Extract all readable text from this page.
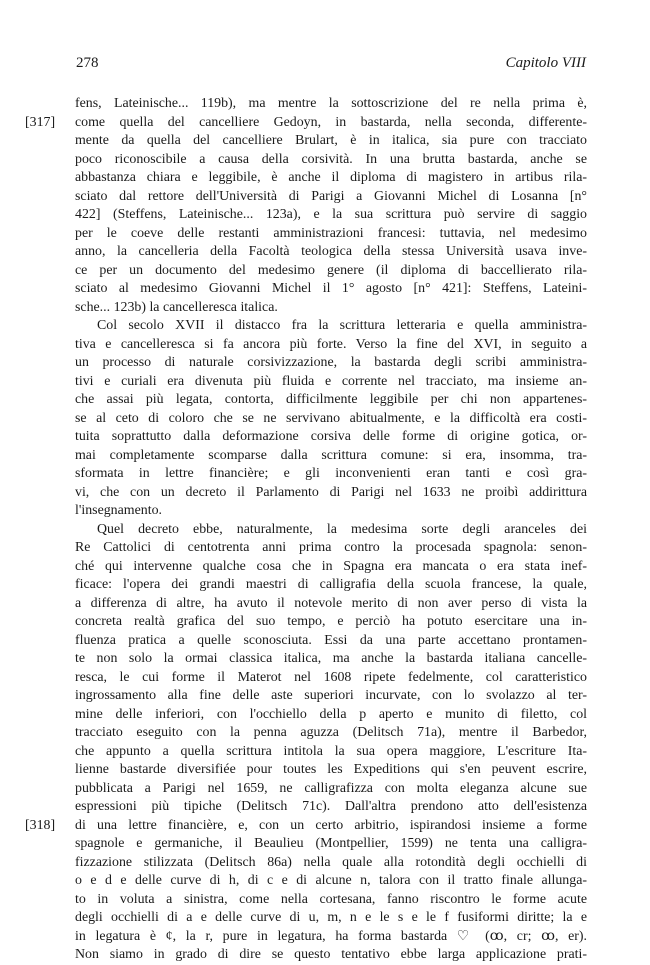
278	Capitolo VIII
fens, Lateinische... 119b), ma mentre la sottoscrizione del re nella prima è,
[317] come quella del cancelliere Gedoyn, in bastarda, nella seconda, differente-
mente da quella del cancelliere Brulart, è in italica, sia pure con tracciato
poco riconoscibile a causa della corsività. In una brutta bastarda, anche se
abbastanza chiara e leggibile, è anche il diploma di magistero in artibus rila-
sciato dal rettore dell'Università di Parigi a Giovanni Michel di Losanna [n°
422] (Steffens, Lateinische... 123a), e la sua scrittura può servire di saggio
per le coeve delle restanti amministrazioni francesi: tuttavia, nel medesimo
anno, la cancelleria della Facoltà teologica della stessa Università usava inve-
ce per un documento del medesimo genere (il diploma di baccellierato rila-
sciato al medesimo Giovanni Michel il 1° agosto [n° 421]: Steffens, Lateini-
sche... 123b) la cancelleresca italica.
Col secolo XVII il distacco fra la scrittura letteraria e quella amministra-
tiva e cancelleresca si fa ancora più forte. Verso la fine del XVI, in seguito a
un processo di naturale corsivizzazione, la bastarda degli scribi amministra-
tivi e curiali era divenuta più fluida e corrente nel tracciato, ma insieme an-
che assai più legata, contorta, difficilmente leggibile per chi non appartenes-
se al ceto di coloro che se ne servivano abitualmente, e la difficoltà era costi-
tuita soprattutto dalla deformazione corsiva delle forme di origine gotica, or-
mai completamente scomparse dalla scrittura comune: si era, insomma, tra-
sformata in lettre financière; e gli inconvenienti eran tanti e così gra-
vi, che con un decreto il Parlamento di Parigi nel 1633 ne proibì addirittura
l'insegnamento.
Quel decreto ebbe, naturalmente, la medesima sorte degli aranceles dei
Re Cattolici di centotrenta anni prima contro la procesada spagnola: senon-
ché qui intervenne qualche cosa che in Spagna era mancata o era stata inef-
ficace: l'opera dei grandi maestri di calligrafia della scuola francese, la quale,
a differenza di altre, ha avuto il notevole merito di non aver perso di vista la
concreta realtà grafica del suo tempo, e perciò ha potuto esercitare una in-
fluenza pratica a quelle sconosciuta. Essi da una parte accettano prontamen-
te non solo la ormai classica italica, ma anche la bastarda italiana cancelle-
resca, le cui forme il Materot nel 1608 ripete fedelmente, col caratteristico
ingrossamento alla fine delle aste superiori incurvate, con lo svolazzo al ter-
mine delle inferiori, con l'occhiello della p aperto e munito di filetto, col
tracciato eseguito con la penna aguzza (Delitsch 71a), mentre il Barbedor,
che appunto a quella scrittura intitola la sua opera maggiore, L'escriture Ita-
lienne bastarde diversifiée pour toutes les Expeditions qui s'en peuvent escrire,
pubblicata a Parigi nel 1659, ne calligrafizza con molta eleganza alcune sue
espressioni più tipiche (Delitsch 71c). Dall'altra prendono atto dell'esistenza
[318] di una lettre financière, e, con un certo arbitrio, ispirandosi insieme a forme
spagnole e germaniche, il Beaulieu (Montpellier, 1599) ne tenta una calligra-
fizzazione stilizzata (Delitsch 86a) nella quale alla rotondità degli occhielli di
o e d e delle curve di h, di c e di alcune n, talora con il tratto finale allunga-
to in voluta a sinistra, come nella cortesana, fanno riscontro le forme acute
degli occhielli di a e delle curve di u, m, n e le s e le f fusiformi diritte; la e
in legatura è ¢, la r, pure in legatura, ha forma bastarda ♡ (ꝏ, cr; ꝏ, er).
Non siamo in grado di dire se questo tentativo ebbe larga applicazione prati-
